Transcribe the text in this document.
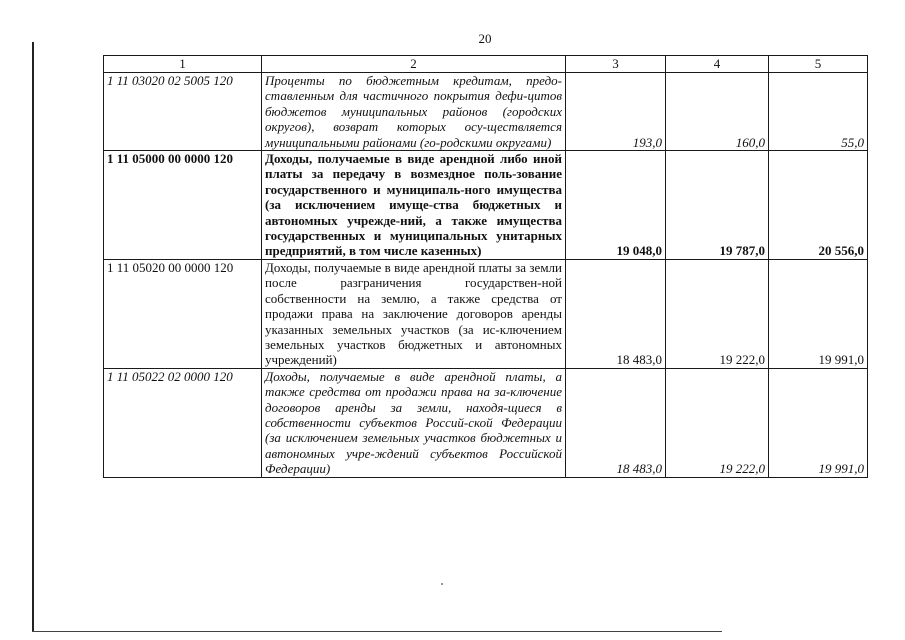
20
1	2	3	4	5
1 11 03020 02 5005 120	Проценты по бюджетным кредитам, предо-ставленным для частичного покрытия дефи-цитов бюджетов муниципальных районов (городских округов), возврат которых осу-ществляется муниципальными районами (го-родскими округами)	193,0	160,0	55,0
1 11 05000 00 0000 120	Доходы, получаемые в виде арендной либо иной платы за передачу в возмездное поль-зование государственного и муниципаль-ного имущества (за исключением имуще-ства бюджетных и автономных учрежде-ний, а также имущества государственных и муниципальных унитарных предприятий, в том числе казенных)	19 048,0	19 787,0	20 556,0
1 11 05020 00 0000 120	Доходы, получаемые в виде арендной платы за земли после разграничения государствен-ной собственности на землю, а также средства от продажи права на заключение договоров аренды указанных земельных участков (за ис-ключением земельных участков бюджетных и автономных учреждений)	18 483,0	19 222,0	19 991,0
1 11 05022 02 0000 120	Доходы, получаемые в виде арендной платы, а также средства от продажи права на за-ключение договоров аренды за земли, находя-щиеся в собственности субъектов Россий-ской Федерации (за исключением земельных участков бюджетных и автономных учре-ждений субъектов Российской Федерации)	18 483,0	19 222,0	19 991,0
